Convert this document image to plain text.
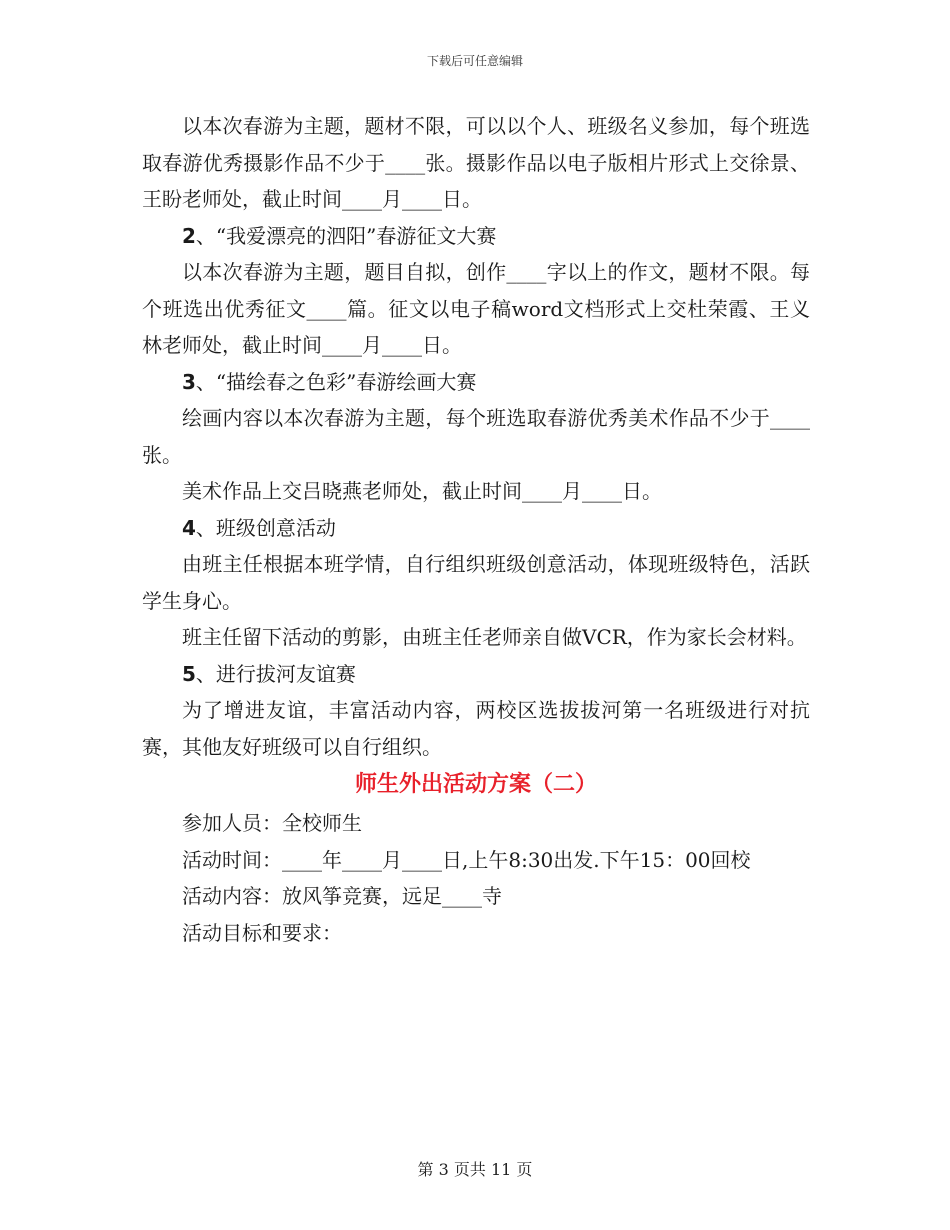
下载后可任意编辑

以本次春游为主题，题材不限，可以以个人、班级名义参加，每个班选取春游优秀摄影作品不少于____张。摄影作品以电子版相片形式上交徐景、王盼老师处，截止时间____月____日。

2、“我爱漂亮的泗阳”春游征文大赛

以本次春游为主题，题目自拟，创作____字以上的作文，题材不限。每个班选出优秀征文____篇。征文以电子稿word文档形式上交杜荣霞、王义林老师处，截止时间____月____日。

3、“描绘春之色彩”春游绘画大赛

绘画内容以本次春游为主题，每个班选取春游优秀美术作品不少于____张。

美术作品上交吕晓燕老师处，截止时间____月____日。

4、班级创意活动

由班主任根据本班学情，自行组织班级创意活动，体现班级特色，活跃学生身心。

班主任留下活动的剪影，由班主任老师亲自做VCR，作为家长会材料。

5、进行拔河友谊赛

为了增进友谊，丰富活动内容，两校区选拔拔河第一名班级进行对抗赛，其他友好班级可以自行组织。

师生外出活动方案（二）

参加人员：全校师生

活动时间：____年____月____日,上午8:30出发.下午15：00回校

活动内容：放风筝竞赛，远足____寺

活动目标和要求：

第 3 页共 11 页
